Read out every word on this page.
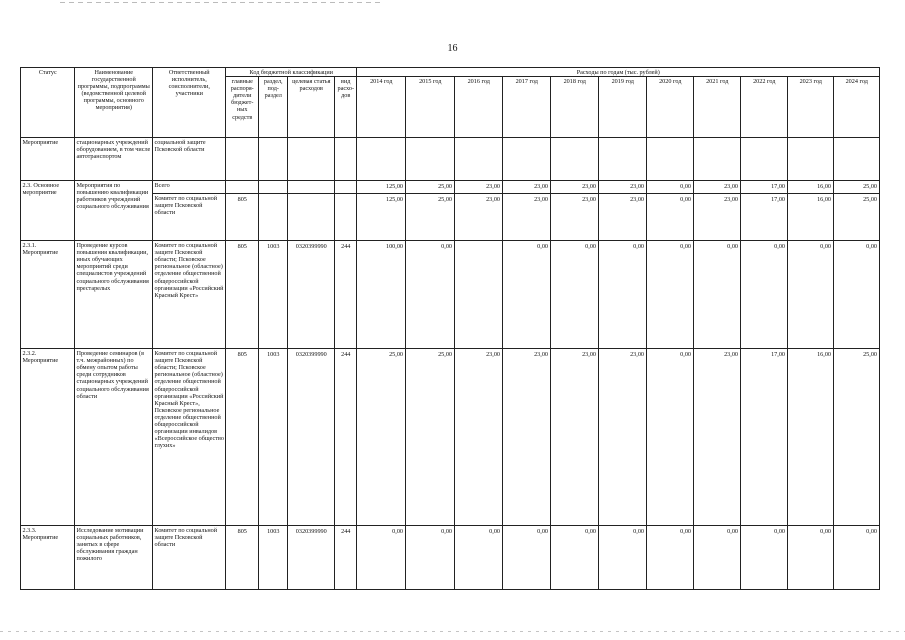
16
Статус	Наименование государственной программы, подпрограммы (ведомственной целевой программы, основного мероприятия)	Ответственный исполнитель, соисполнители, участники	Код бюджетной классификации				Расходы по годам (тыс. рублей)										
			главные распоря-дители бюджет-ных средств	раздел, под-раздел	целевая статья расходов	вид расхо-дов	2014 год	2015 год	2016 год	2017 год	2018 год	2019 год	2020 год	2021 год	2022 год	2023 год	2024 год
Мероприятие	стационарных учреждений оборудованием, в том числе автотранспортом	социальной защите Псковской области															
2.3. Основное мероприятие	Мероприятия по повышению квалификации работников учреждений социального обслуживания	Всего					125,00	25,00	23,00	23,00	23,00	23,00	0,00	23,00	17,00	16,00	25,00
		Комитет по социальной защите Псковской области	805				125,00	25,00	23,00	23,00	23,00	23,00	0,00	23,00	17,00	16,00	25,00
2.3.1. Мероприятие	Проведение курсов повышения квалификации, иных обучающих мероприятий среди специалистов учреждений социального обслуживания престарелых	Комитет по социальной защите Псковской области; Псковское региональное (областное) отделение общественной общероссийской организации «Российский Красный Крест»	805	1003	0320399990	244	100,00	0,00		0,00	0,00	0,00	0,00	0,00	0,00	0,00	0,00
2.3.2. Мероприятие	Проведение семинаров (в т.ч. межрайонных) по обмену опытом работы среди сотрудников стационарных учреждений социального обслуживания области	Комитет по социальной защите Псковской области; Псковское региональное (областное) отделение общественной общероссийской организации «Российский Красный Крест», Псковское региональное отделение общественной общероссийской организации инвалидов «Всероссийское общество глухих»	805	1003	0320399990	244	25,00	25,00	23,00	23,00	23,00	23,00	0,00	23,00	17,00	16,00	25,00
2.3.3. Мероприятие	Исследование мотивации социальных работников, занятых в сфере обслуживания граждан пожилого	Комитет по социальной защите Псковской области	805	1003	0320399990	244	0,00	0,00	0,00	0,00	0,00	0,00	0,00	0,00	0,00	0,00	0,00
